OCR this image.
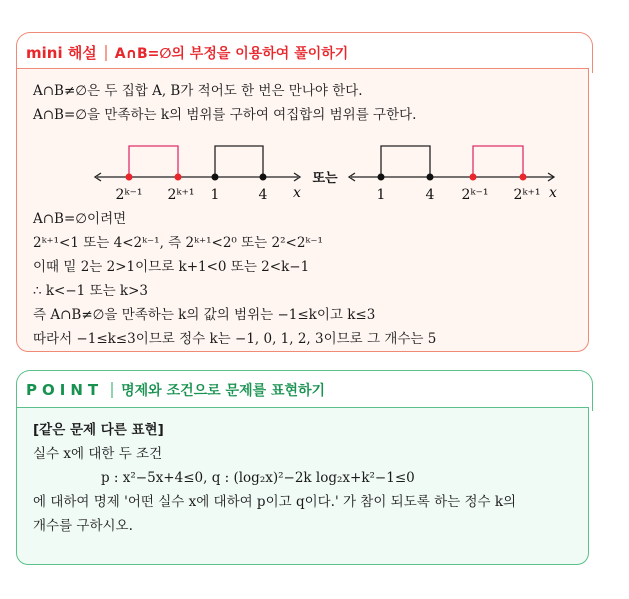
mini 해설 A∩B=∅의 부정을 이용하여 풀이하기
A∩B≠∅은 두 집합 A, B가 적어도 한 번은 만나야 한다.
A∩B=∅을 만족하는 k의 범위를 구하여 여집합의 범위를 구한다.
2ᵏ⁻¹ 2ᵏ⁺¹ 1	4 x
또는
1	4 2ᵏ⁻¹ 2ᵏ⁺¹ x
A∩B=∅이려면
2ᵏ⁺¹<1 또는 4<2ᵏ⁻¹, 즉 2ᵏ⁺¹<2⁰ 또는 2²<2ᵏ⁻¹
이때 밑 2는 2>1이므로 k+1<0 또는 2<k−1
∴ k<−1 또는 k>3
즉 A∩B≠∅을 만족하는 k의 값의 범위는 −1≤k이고 k≤3
따라서 −1≤k≤3이므로 정수 k는 −1, 0, 1, 2, 3이므로 그 개수는 5
POINT 명제와 조건으로 문제를 표현하기
[같은 문제 다른 표현]
실수 x에 대한 두 조건
p : x²−5x+4≤0, q : (log₂x)²−2k log₂x+k²−1≤0
에 대하여 명제 '어떤 실수 x에 대하여 p이고 q이다.' 가 참이 되도록 하는 정수 k의
개수를 구하시오.
